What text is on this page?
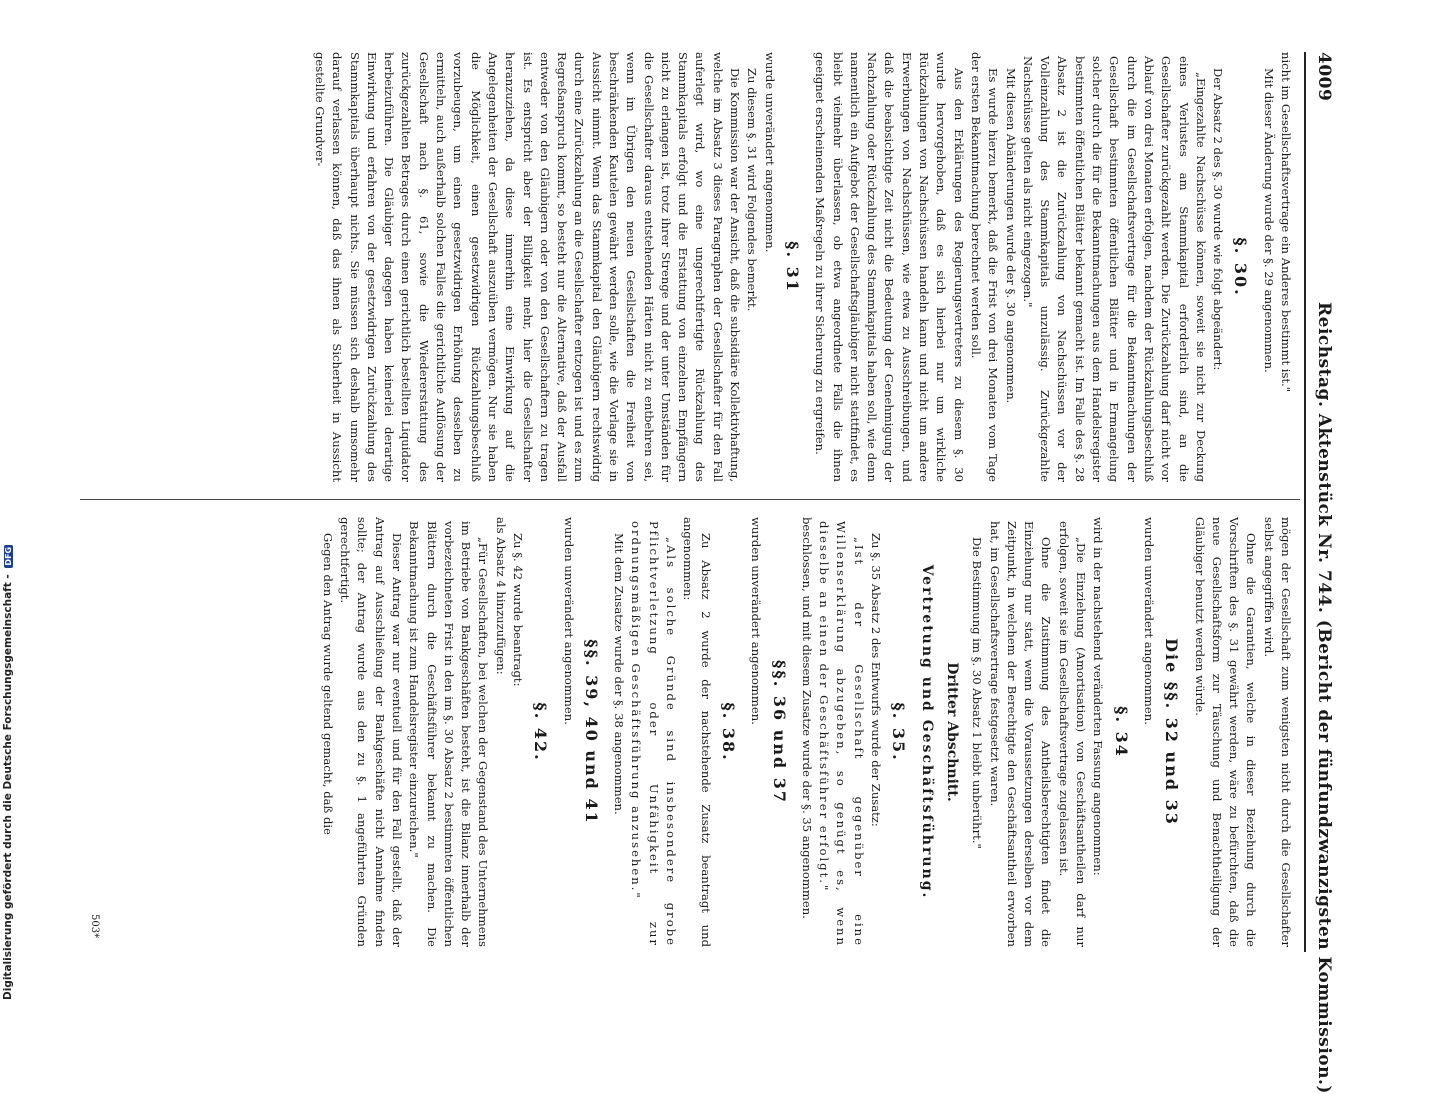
4009
Reichstag. Aktenstück Nr. 744. (Bericht der fünfundzwanzigsten Kommission.)

nicht im Gesellschaftsvertrage ein Anderes bestimmt ist."

Mit dieser Änderung wurde der §. 29 angenommen.

§. 30.

Der Absatz 2 des §. 30 wurde wie folgt abgeändert:

„Eingezahlte Nachschüsse können, soweit sie nicht zur Deckung eines Verlustes am Stammkapital erforderlich sind, an die Gesellschafter zurückgezahlt werden. Die Zurückzahlung darf nicht vor Ablauf von drei Monaten erfolgen, nachdem der Rückzahlungsbeschluß durch die im Gesellschaftsvertrage für die Bekanntmachungen der Gesellschaft bestimmten öffentlichen Blätter und in Ermangelung solcher durch die für die Bekanntmachungen aus dem Handelsregister bestimmten öffentlichen Blätter bekannt gemacht ist. Im Falle des §. 28 Absatz 2 ist die Zurückzahlung von Nachschüssen vor der Volleinzahlung des Stammkapitals unzulässig. Zurückgezahlte Nachschüsse gelten als nicht eingezogen."

Mit diesen Abänderungen wurde der §. 30 angenommen.

Es wurde hierzu bemerkt, daß die Frist von drei Monaten vom Tage der ersten Bekanntmachung berechnet werden soll.

Aus den Erklärungen des Regierungsvertreters zu diesem §. 30 wurde hervorgehoben, daß es sich hierbei nur um wirkliche Rückzahlungen von Nachschüssen handeln kann und nicht um andere Erwerbungen von Nachschüssen, wie etwa zu Ausschreibungen, und daß die beabsichtigte Zeit nicht die Bedeutung der Genehmigung der Nachzahlung oder Rückzahlung des Stammkapitals haben soll, wie denn namentlich ein Aufgebot der Gesellschaftsgläubiger nicht stattfindet, es bleibt vielmehr überlassen, ob etwa angeordnete Falls die ihnen geeignet erscheinenden Maßregeln zu ihrer Sicherung zu ergreifen.

§. 31

wurde unverändert angenommen.

Zu diesem §. 31 wird Folgendes bemerkt.

Die Kommission war der Ansicht, daß die subsidiäre Kollektivhaftung, welche im Absatz 3 dieses Paragraphen der Gesellschafter für den Fall auferlegt wird, wo eine ungerechtfertigte Rückzahlung des Stammkapitals erfolgt und die Erstattung von einzelnen Empfängern nicht zu erlangen ist, trotz ihrer Strenge und der unter Umständen für die Gesellschafter daraus entstehenden Härten nicht zu entbehren sei, wenn im Übrigen den neuen Gesellschaften die Freiheit von beschränkenden Kautelen gewährt werden solle, wie die Vorlage sie in Aussicht nimmt. Wenn das Stammkapital den Gläubigern rechtswidrig durch eine Zurückzahlung an die Gesellschafter entzogen ist und es zum Regreßanspruch kommt, so besteht nur die Alternative, daß der Ausfall entweder von den Gläubigern oder von den Gesellschaftern zu tragen ist. Es entspricht aber der Billigkeit mehr, hier die Gesellschafter heranzuziehen, da diese immerhin eine Einwirkung auf die Angelegenheiten der Gesellschaft auszuüben vermögen. Nur sie haben die Möglichkeit, einen gesetzwidrigen Rückzahlungsbeschluß vorzubeugen, um einen gesetzwidrigen Erhöhung desselben zu ermitteln, auch außerhalb solchen Falles die gerichtliche Auflösung der Gesellschaft nach §. 61, sowie die Wiedererstattung des zurückgezahlten Betrages durch einen gerichtlich bestellten Liquidator herbeizuführen. Die Gläubiger dagegen haben keinerlei derartige Einwirkung und erfahren von der gesetzwidrigen Zurückzahlung des Stammkapitals überhaupt nichts. Sie müssen sich deshalb umsomehr darauf verlassen können, daß das ihnen als Sicherheit in Aussicht gestellte Grundver-

mögen der Gesellschaft zum wenigsten nicht durch die Gesellschafter selbst angegriffen wird.

Ohne die Garantien, welche in dieser Beziehung durch die Vorschriften des §. 31 gewährt werden, wäre zu befürchten, daß die neue Gesellschaftsform zur Täuschung und Benachtheiligung der Gläubiger benutzt werden würde.

Die §§. 32 und 33

wurden unverändert angenommen.

§. 34

wird in der nachstehend veränderten Fassung angenommen:

„Die Einziehung (Amortisation) von Geschäftsantheilen darf nur erfolgen, soweit sie im Gesellschaftsvertrage zugelassen ist.

Ohne die Zustimmung des Antheilsberechtigten findet die Einziehung nur statt, wenn die Voraussetzungen derselben vor dem Zeitpunkt, in welchem der Berechtigte den Geschäftsantheil erworben hat, im Gesellschaftsvertrage festgesetzt waren.

Die Bestimmung im §. 30 Absatz 1 bleibt unberührt."

Dritter Abschnitt.
Vertretung und Geschäftsführung.
§. 35.

Zu §. 35 Absatz 2 des Entwurfs wurde der Zusatz:

„Ist der Gesellschaft gegenüber eine Willenserklärung abzugeben, so genügt es, wenn dieselbe an einen der Geschäftsführer erfolgt."

beschlossen, und mit diesem Zusatze wurde der §. 35 angenommen.

§§. 36 und 37

wurden unverändert angenommen.

§. 38.

Zu Absatz 2 wurde der nachstehende Zusatz beantragt und angenommen:

„Als solche Gründe sind insbesondere grobe Pflichtverletzung oder Unfähigkeit zur ordnungsmäßigen Geschäftsführung anzusehen."

Mit dem Zusatze wurde der §. 38 angenommen.

§§. 39, 40 und 41

wurden unverändert angenommen.

§. 42.

Zu §. 42 wurde beantragt:

als Absatz 4 hinzuzufügen:

„Für Gesellschaften, bei welchen der Gegenstand des Unternehmens im Betriebe von Bankgeschäften besteht, ist die Bilanz innerhalb der vorbezeichneten Frist in den im §. 30 Absatz 2 bestimmten öffentlichen Blättern durch die Geschäftsführer bekannt zu machen. Die Bekanntmachung ist zum Handelsregister einzureichen."

Dieser Antrag war nur eventuell und für den Fall gestellt, daß der Antrag auf Ausschließung der Bankgeschäfte nicht Annahme finden sollte; der Antrag wurde aus den zu §. 1 angeführten Gründen gerechtfertigt.

Gegen den Antrag wurde geltend gemacht, daß die

503*
Digitalisierung gefördert durch die Deutsche Forschungsgemeinschaft - DFG
